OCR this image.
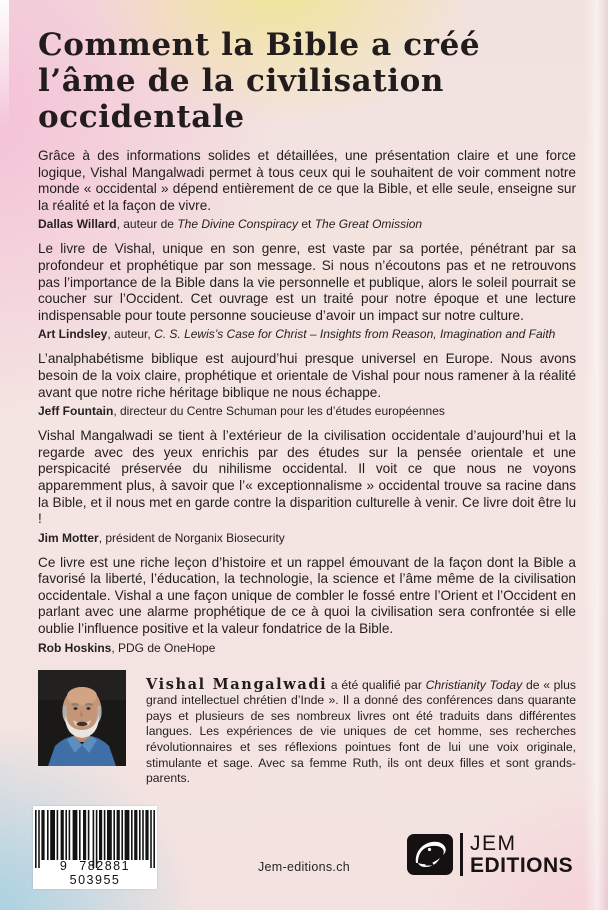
Comment la Bible a créé
l’âme de la civilisation
occidentale

Grâce à des informations solides et détaillées, une présentation claire et une force logique, Vishal Mangalwadi permet à tous ceux qui le souhaitent de voir comment notre monde « occidental » dépend entièrement de ce que la Bible, et elle seule, enseigne sur la réalité et la façon de vivre.

Dallas Willard, auteur de The Divine Conspiracy et The Great Omission

Le livre de Vishal, unique en son genre, est vaste par sa portée, pénétrant par sa profondeur et prophétique par son message. Si nous n’écoutons pas et ne retrouvons pas l’importance de la Bible dans la vie personnelle et publique, alors le soleil pourrait se coucher sur l’Occident. Cet ouvrage est un traité pour notre époque et une lecture indispensable pour toute personne soucieuse d’avoir un impact sur notre culture.

Art Lindsley, auteur, C. S. Lewis’s Case for Christ – Insights from Reason, Imagination and Faith

L’analphabétisme biblique est aujourd’hui presque universel en Europe. Nous avons besoin de la voix claire, prophétique et orientale de Vishal pour nous ramener à la réalité avant que notre riche héritage biblique ne nous échappe.

Jeff Fountain, directeur du Centre Schuman pour les d’études européennes

Vishal Mangalwadi se tient à l’extérieur de la civilisation occidentale d’aujourd’hui et la regarde avec des yeux enrichis par des études sur la pensée orientale et une perspicacité préservée du nihilisme occidental. Il voit ce que nous ne voyons apparemment plus, à savoir que l’« exceptionnalisme » occidental trouve sa racine dans la Bible, et il nous met en garde contre la disparition culturelle à venir. Ce livre doit être lu !

Jim Motter, président de Norganix Biosecurity

Ce livre est une riche leçon d’histoire et un rappel émouvant de la façon dont la Bible a favorisé la liberté, l’éducation, la technologie, la science et l’âme même de la civilisation occidentale. Vishal a une façon unique de combler le fossé entre l’Orient et l’Occident en parlant avec une alarme prophétique de ce à quoi la civilisation sera confrontée si elle oublie l’influence positive et la valeur fondatrice de la Bible.

Rob Hoskins, PDG de OneHope

Vishal Mangalwadi a été qualifié par Christianity Today de « plus grand intellectuel chrétien d’Inde ». Il a donné des conférences dans quarante pays et plusieurs de ses nombreux livres ont été traduits dans différentes langues. Les expériences de vie uniques de cet homme, ses recherches révolutionnaires et ses réflexions pointues font de lui une voix originale, stimulante et sage. Avec sa femme Ruth, ils ont deux filles et sont grands-parents.

9 782881 503955
Jem-editions.ch
JEM
EDITIONS
